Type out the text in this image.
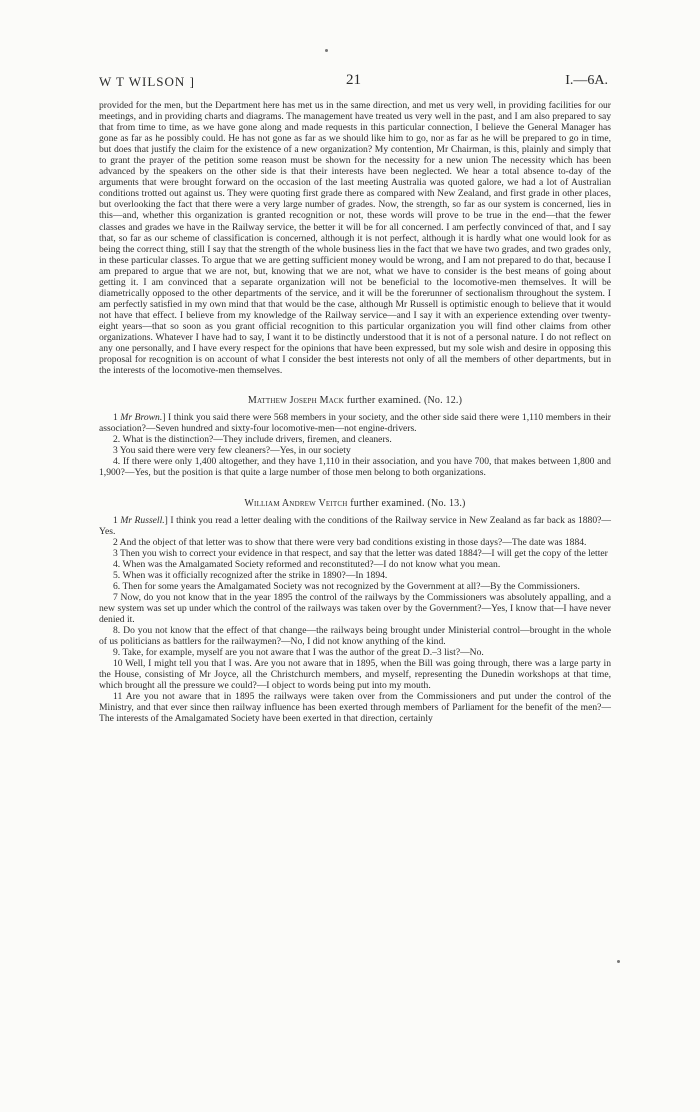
W T WILSON ]	21	I.—6A.

provided for the men, but the Department here has met us in the same direction, and met us very well, in providing facilities for our meetings, and in providing charts and diagrams. The management have treated us very well in the past, and I am also prepared to say that from time to time, as we have gone along and made requests in this particular connection, I believe the General Manager has gone as far as he possibly could. He has not gone as far as we should like him to go, nor as far as he will be prepared to go in time, but does that justify the claim for the existence of a new organization? My contention, Mr Chairman, is this, plainly and simply that to grant the prayer of the petition some reason must be shown for the necessity for a new union The necessity which has been advanced by the speakers on the other side is that their interests have been neglected. We hear a total absence to-day of the arguments that were brought forward on the occasion of the last meeting Australia was quoted galore, we had a lot of Australian conditions trotted out against us. They were quoting first grade there as compared with New Zealand, and first grade in other places, but overlooking the fact that there were a very large number of grades. Now, the strength, so far as our system is concerned, lies in this—and, whether this organization is granted recognition or not, these words will prove to be true in the end—that the fewer classes and grades we have in the Railway service, the better it will be for all concerned. I am perfectly convinced of that, and I say that, so far as our scheme of classification is concerned, although it is not perfect, although it is hardly what one would look for as being the correct thing, still I say that the strength of the whole business lies in the fact that we have two grades, and two grades only, in these particular classes. To argue that we are getting sufficient money would be wrong, and I am not prepared to do that, because I am prepared to argue that we are not, but, knowing that we are not, what we have to consider is the best means of going about getting it. I am convinced that a separate organization will not be beneficial to the locomotive-men themselves. It will be diametrically opposed to the other departments of the service, and it will be the forerunner of sectionalism throughout the system. I am perfectly satisfied in my own mind that that would be the case, although Mr Russell is optimistic enough to believe that it would not have that effect. I believe from my knowledge of the Railway service—and I say it with an experience extending over twenty-eight years—that so soon as you grant official recognition to this particular organization you will find other claims from other organizations. Whatever I have had to say, I want it to be distinctly understood that it is not of a personal nature. I do not reflect on any one personally, and I have every respect for the opinions that have been expressed, but my sole wish and desire in opposing this proposal for recognition is on account of what I consider the best interests not only of all the members of other departments, but in the interests of the locomotive-men themselves.

Matthew Joseph Mack further examined. (No. 12.)

1 Mr Brown.] I think you said there were 568 members in your society, and the other side said there were 1,110 members in their association?—Seven hundred and sixty-four locomotive-men—not engine-drivers.

2. What is the distinction?—They include drivers, firemen, and cleaners.

3 You said there were very few cleaners?—Yes, in our society

4. If there were only 1,400 altogether, and they have 1,110 in their association, and you have 700, that makes between 1,800 and 1,900?—Yes, but the position is that quite a large number of those men belong to both organizations.

William Andrew Veitch further examined. (No. 13.)

1 Mr Russell.] I think you read a letter dealing with the conditions of the Railway service in New Zealand as far back as 1880?—Yes.

2 And the object of that letter was to show that there were very bad conditions existing in those days?—The date was 1884.

3 Then you wish to correct your evidence in that respect, and say that the letter was dated 1884?—I will get the copy of the letter

4. When was the Amalgamated Society reformed and reconstituted?—I do not know what you mean.

5. When was it officially recognized after the strike in 1890?—In 1894.

6. Then for some years the Amalgamated Society was not recognized by the Government at all?—By the Commissioners.

7 Now, do you not know that in the year 1895 the control of the railways by the Commissioners was absolutely appalling, and a new system was set up under which the control of the railways was taken over by the Government?—Yes, I know that—I have never denied it.

8. Do you not know that the effect of that change—the railways being brought under Ministerial control—brought in the whole of us politicians as battlers for the railwaymen?—No, I did not know anything of the kind.

9. Take, for example, myself are you not aware that I was the author of the great D.–3 list?—No.

10 Well, I might tell you that I was. Are you not aware that in 1895, when the Bill was going through, there was a large party in the House, consisting of Mr Joyce, all the Christchurch members, and myself, representing the Dunedin workshops at that time, which brought all the pressure we could?—I object to words being put into my mouth.

11 Are you not aware that in 1895 the railways were taken over from the Commissioners and put under the control of the Ministry, and that ever since then railway influence has been exerted through members of Parliament for the benefit of the men?—The interests of the Amalgamated Society have been exerted in that direction, certainly
